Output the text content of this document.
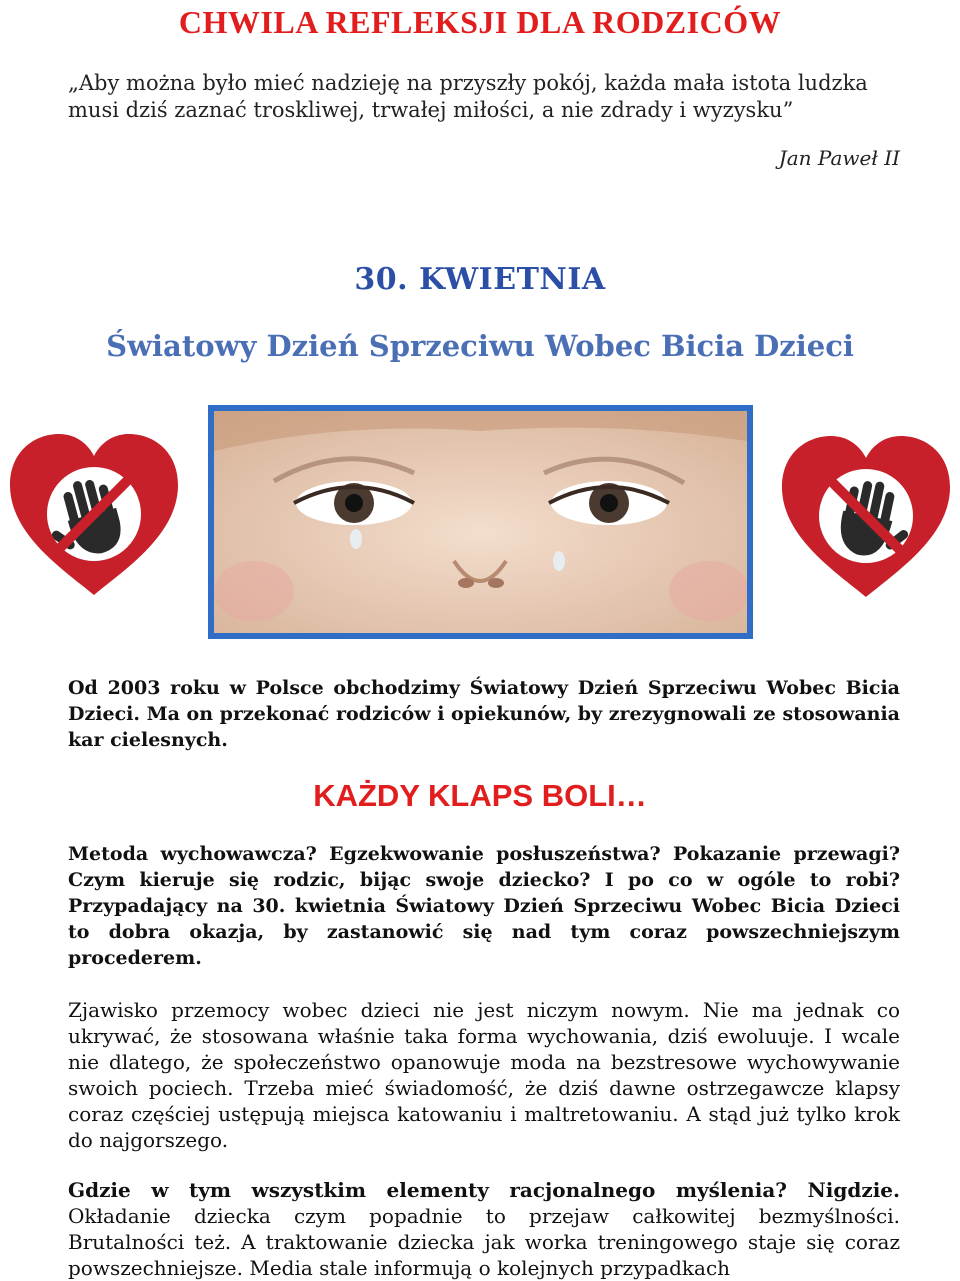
CHWILA REFLEKSJI DLA RODZICÓW

„Aby można było mieć nadzieję na przyszły pokój, każda mała istota ludzka musi dziś zaznać troskliwej, trwałej miłości, a nie zdrady i wyzysku”

Jan Paweł II

30. KWIETNIA
Światowy Dzień Sprzeciwu Wobec Bicia Dzieci

Od 2003 roku w Polsce obchodzimy Światowy Dzień Sprzeciwu Wobec Bicia Dzieci. Ma on przekonać rodziców i opiekunów, by zrezygnowali ze stosowania kar cielesnych.

KAŻDY KLAPS BOLI…

Metoda wychowawcza? Egzekwowanie posłuszeństwa? Pokazanie przewagi? Czym kieruje się rodzic, bijąc swoje dziecko? I po co w ogóle to robi? Przypadający na 30. kwietnia Światowy Dzień Sprzeciwu Wobec Bicia Dzieci to dobra okazja, by zastanowić się nad tym coraz powszechniejszym procederem.

Zjawisko przemocy wobec dzieci nie jest niczym nowym. Nie ma jednak co ukrywać, że stosowana właśnie taka forma wychowania, dziś ewoluuje. I wcale nie dlatego, że społeczeństwo opanowuje moda na bezstresowe wychowywanie swoich pociech. Trzeba mieć świadomość, że dziś dawne ostrzegawcze klapsy coraz częściej ustępują miejsca katowaniu i maltretowaniu. A stąd już tylko krok do najgorszego.

Gdzie w tym wszystkim elementy racjonalnego myślenia? Nigdzie. Okładanie dziecka czym popadnie to przejaw całkowitej bezmyślności. Brutalności też. A traktowanie dziecka jak worka treningowego staje się coraz powszechniejsze. Media stale informują o kolejnych przypadkach
